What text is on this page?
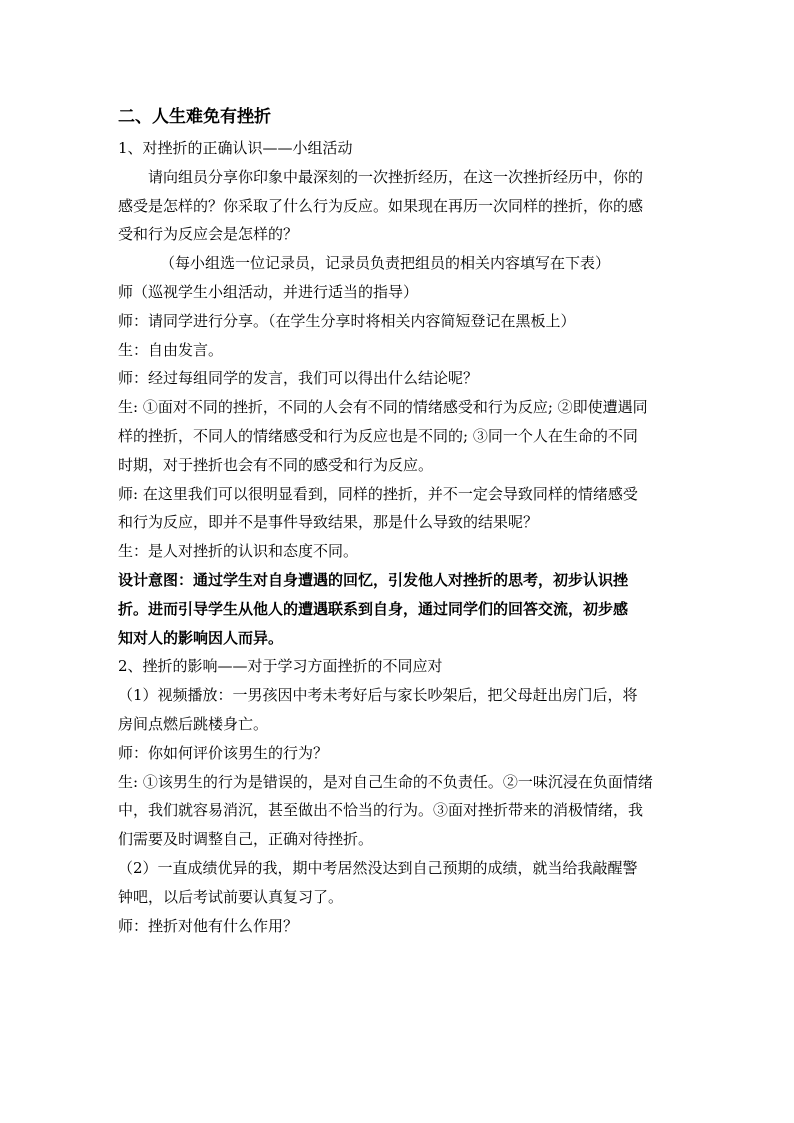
二、人生难免有挫折

1、对挫折的正确认识——小组活动

请向组员分享你印象中最深刻的一次挫折经历，在这一次挫折经历中，你的
感受是怎样的？你采取了什么行为反应。如果现在再历一次同样的挫折，你的感
受和行为反应会是怎样的？

（每小组选一位记录员，记录员负责把组员的相关内容填写在下表）

师（巡视学生小组活动，并进行适当的指导）

师：请同学进行分享。（在学生分享时将相关内容简短登记在黑板上）

生：自由发言。

师：经过每组同学的发言，我们可以得出什么结论呢？

生: ①面对不同的挫折，不同的人会有不同的情绪感受和行为反应; ②即使遭遇同
样的挫折，不同人的情绪感受和行为反应也是不同的; ③同一个人在生命的不同
时期，对于挫折也会有不同的感受和行为反应。

师: 在这里我们可以很明显看到，同样的挫折，并不一定会导致同样的情绪感受
和行为反应，即并不是事件导致结果，那是什么导致的结果呢？

生：是人对挫折的认识和态度不同。

设计意图：通过学生对自身遭遇的回忆，引发他人对挫折的思考，初步认识挫
折。进而引导学生从他人的遭遇联系到自身，通过同学们的回答交流，初步感
知对人的影响因人而异。

2、挫折的影响——对于学习方面挫折的不同应对

（1）视频播放：一男孩因中考未考好后与家长吵架后，把父母赶出房门后，将
房间点燃后跳楼身亡。

师：你如何评价该男生的行为？

生: ①该男生的行为是错误的，是对自己生命的不负责任。②一味沉浸在负面情绪
中，我们就容易消沉，甚至做出不恰当的行为。③面对挫折带来的消极情绪，我
们需要及时调整自己，正确对待挫折。

（2）一直成绩优异的我，期中考居然没达到自己预期的成绩，就当给我敲醒警
钟吧，以后考试前要认真复习了。

师：挫折对他有什么作用？
